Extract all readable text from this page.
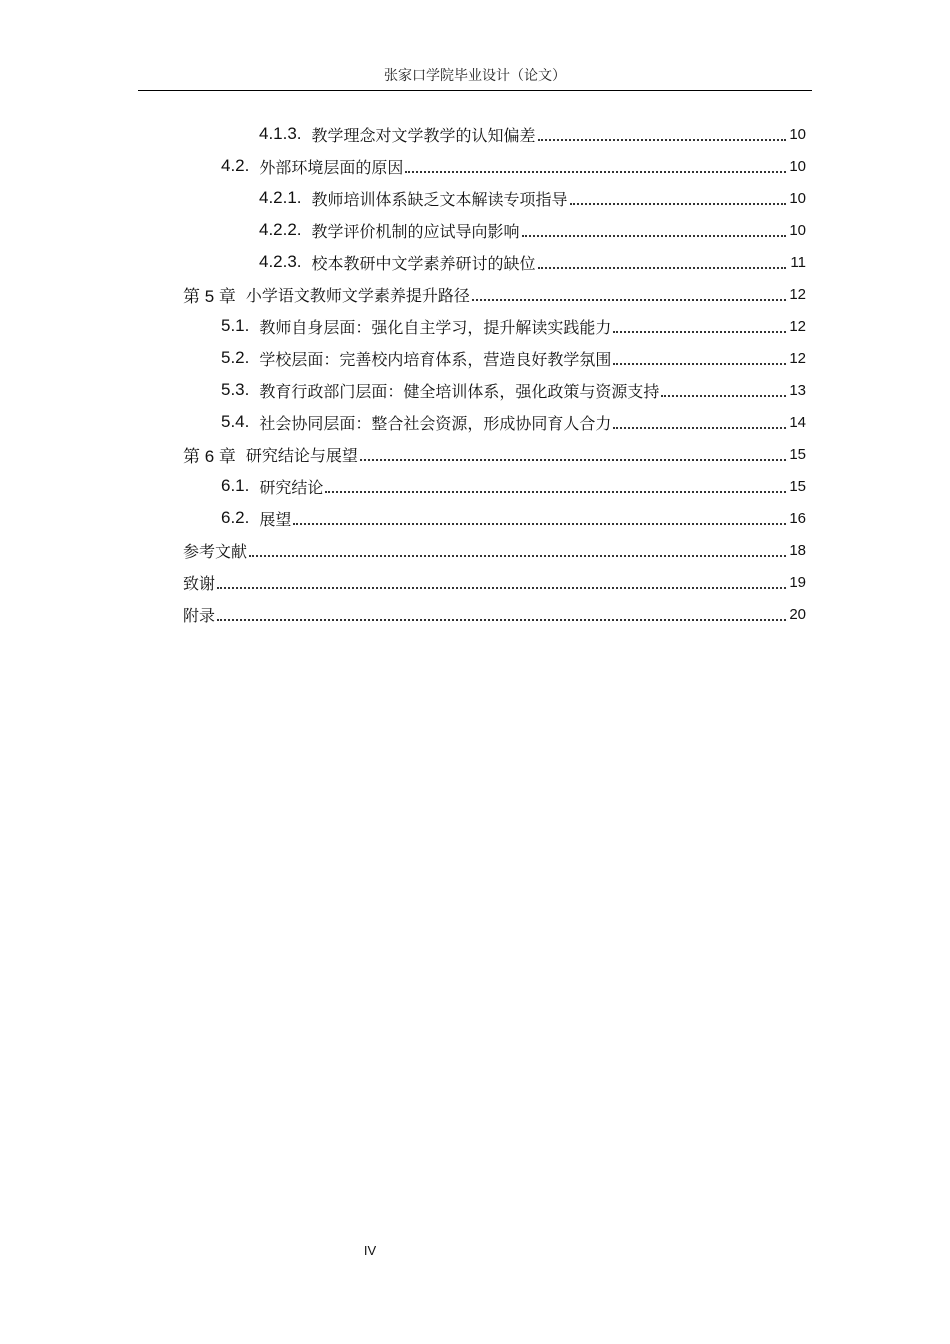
张家口学院毕业设计（论文）
4.1.3. 教学理念对文学教学的认知偏差	10
4.2. 外部环境层面的原因	10
4.2.1. 教师培训体系缺乏文本解读专项指导	10
4.2.2. 教学评价机制的应试导向影响	10
4.2.3. 校本教研中文学素养研讨的缺位	11
第 5 章 小学语文教师文学素养提升路径	12
5.1. 教师自身层面：强化自主学习，提升解读实践能力	12
5.2. 学校层面：完善校内培育体系，营造良好教学氛围	12
5.3. 教育行政部门层面：健全培训体系，强化政策与资源支持	13
5.4. 社会协同层面：整合社会资源，形成协同育人合力	14
第 6 章 研究结论与展望	15
6.1. 研究结论	15
6.2. 展望	16
参考文献	18
致谢	19
附录	20
IV
